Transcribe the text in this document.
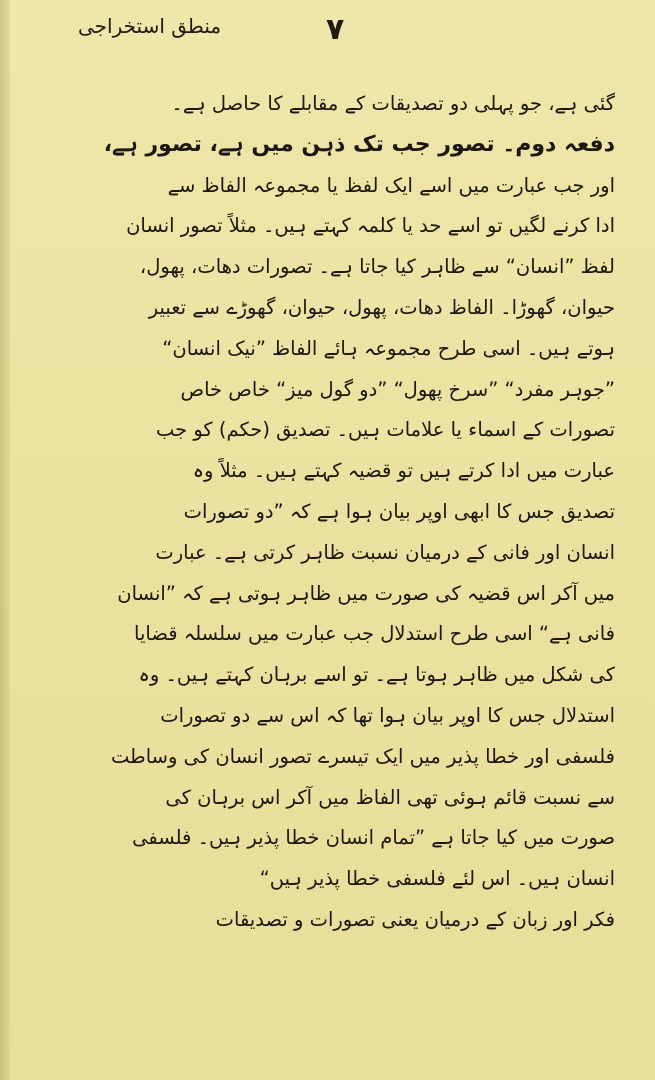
منطق استخراجی	۷
گئی ہے، جو پہلی دو تصدیقات کے مقابلے کا حاصل ہے۔
دفعہ دوم۔ تصور جب تک ذہن میں ہے، تصور ہے،
اور جب عبارت میں اسے ایک لفظ یا مجموعہ الفاظ سے
ادا کرنے لگیں تو اسے حد یا کلمہ کہتے ہیں۔ مثلاً تصور انسان
لفظ ”انسان“ سے ظاہر کیا جاتا ہے۔ تصورات دھات، پھول،
حیوان، گھوڑا۔ الفاظ دھات، پھول، حیوان، گھوڑے سے تعبیر
ہوتے ہیں۔ اسی طرح مجموعہ ہائے الفاظ ”نیک انسان“
”جوہر مفرد“ ”سرخ پھول“ ”دو گول میز“ خاص خاص
تصورات کے اسماء یا علامات ہیں۔ تصدیق (حکم) کو جب
عبارت میں ادا کرتے ہیں تو قضیہ کہتے ہیں۔ مثلاً وہ
تصدیق جس کا ابھی اوپر بیان ہوا ہے کہ ”دو تصورات
انسان اور فانی کے درمیان نسبت ظاہر کرتی ہے۔ عبارت
میں آکر اس قضیہ کی صورت میں ظاہر ہوتی ہے کہ ”انسان
فانی ہے“ اسی طرح استدلال جب عبارت میں سلسلہ قضایا
کی شکل میں ظاہر ہوتا ہے۔ تو اسے برہان کہتے ہیں۔ وہ
استدلال جس کا اوپر بیان ہوا تھا کہ اس سے دو تصورات
فلسفی اور خطا پذیر میں ایک تیسرے تصور انسان کی وساطت
سے نسبت قائم ہوئی تھی الفاظ میں آکر اس برہان کی
صورت میں کیا جاتا ہے ”تمام انسان خطا پذیر ہیں۔ فلسفی
انسان ہیں۔ اس لئے فلسفی خطا پذیر ہیں“
فکر اور زبان کے درمیان یعنی تصورات و تصدیقات
